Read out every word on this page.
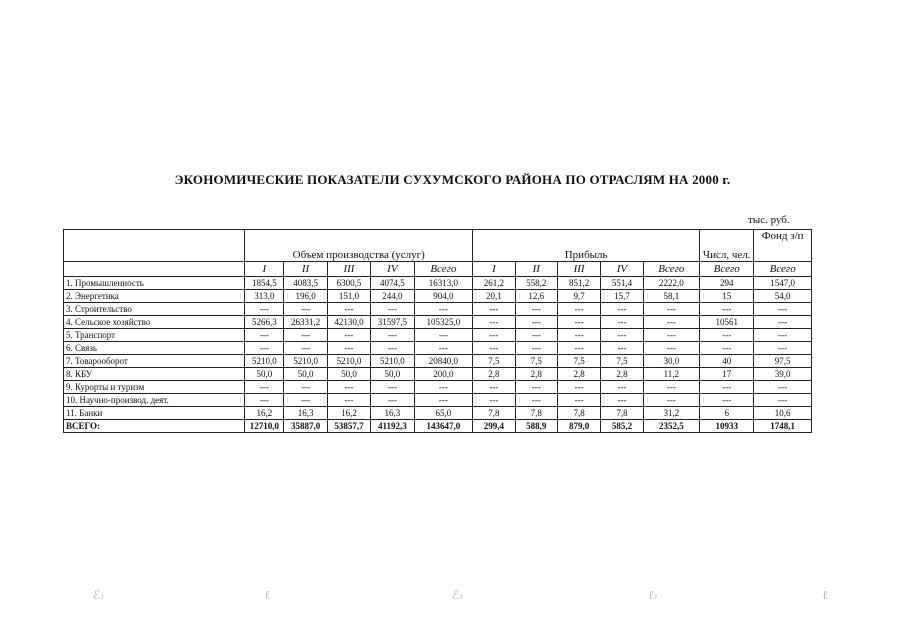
ЭКОНОМИЧЕСКИЕ ПОКАЗАТЕЛИ СУХУМСКОГО РАЙОНА ПО ОТРАСЛЯМ НА 2000 г.
тыс. руб.
	Объем производства (услуг)					Прибыль					Числ, чел.	Фонд з/п
	I	II	III	IV	Всего	I	II	III	IV	Всего	Всего	Всего
1. Промышленность	1854,5	4083,5	6300,5	4074,5	16313,0	261,2	558,2	851,2	551,4	2222,0	294	1547,0
2. Энергетика	313,0	196,0	151,0	244,0	904,0	20,1	12,6	9,7	15,7	58,1	15	54,0
3. Строительство	---	---	---	---	---	---	---	---	---	---	---	---
4. Сельское хозяйство	5266,3	26331,2	42130,0	31597,5	105325,0	---	---	---	---	---	10561	---
5. Транспорт	---	---	---	---	---	---	---	---	---	---	---	---
6. Связь	---	---	---	---	---	---	---	---	---	---	---	---
7. Товарооборот	5210,0	5210,0	5210,0	5210,0	20840,0	7,5	7,5	7,5	7,5	30,0	40	97,5
8. КБУ	50,0	50,0	50,0	50,0	200,0	2,8	2,8	2,8	2,8	11,2	17	39,0
9. Курорты и туризм	---	---	---	---	---	---	---	---	---	---	---	---
10. Научно-производ. деят.	---	---	---	---	---	---	---	---	---	---	---	---
11. Банки	16,2	16,3	16,2	16,3	65,0	7,8	7,8	7,8	7,8	31,2	6	10,6
ВСЕГО:	12710,0	35887,0	53857,7	41192,3	143647,0	299,4	588,9	879,0	585,2	2352,5	10933	1748,1
ℰ›	ℓ	ℰ›	ℓ›	ℓ
